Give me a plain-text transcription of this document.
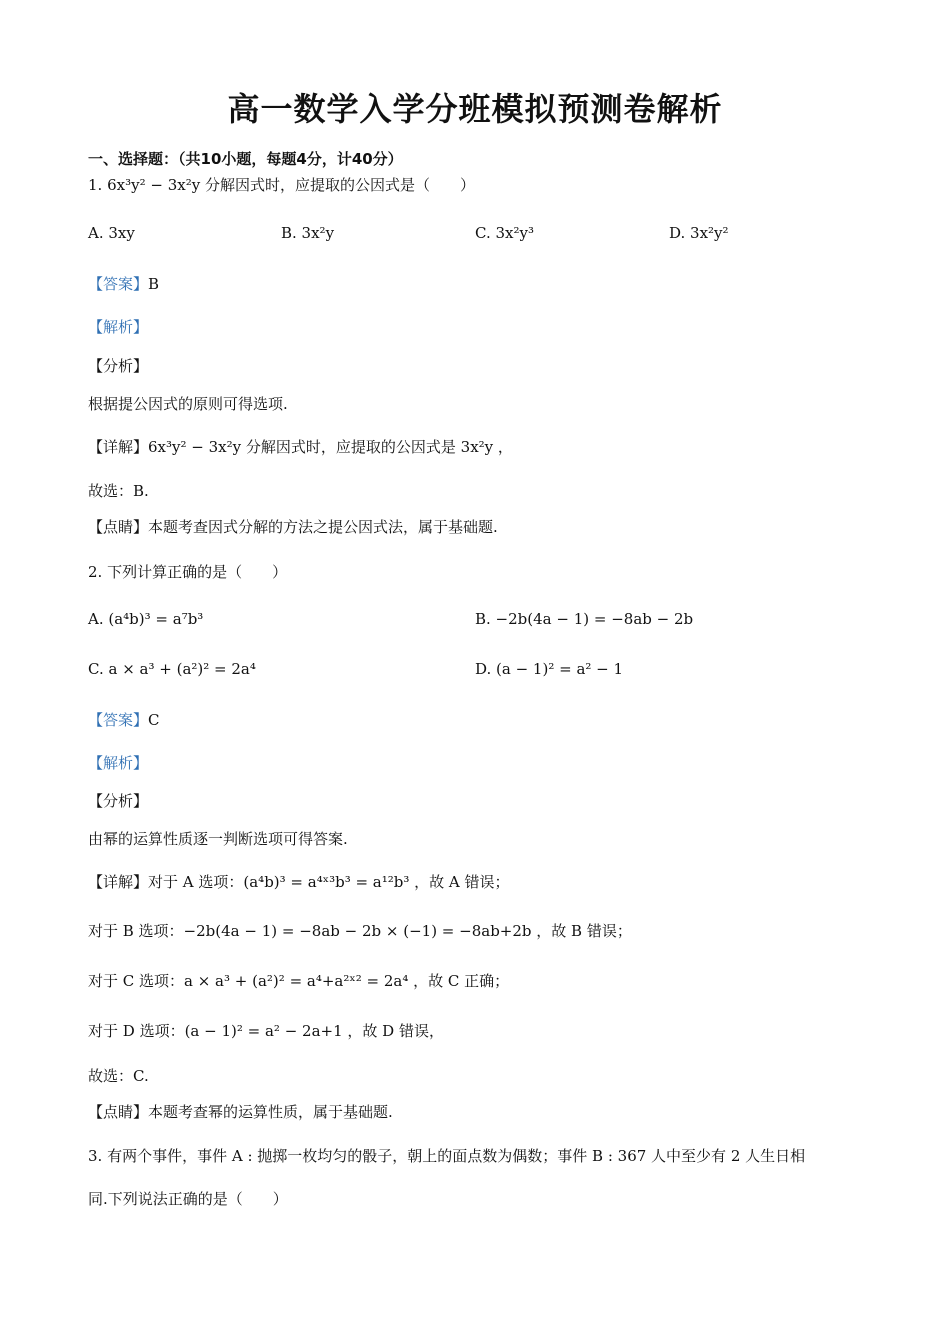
高一数学入学分班模拟预测卷解析
一、选择题：（共10小题，每题4分，计40分）
1. 6x³y² − 3x²y 分解因式时，应提取的公因式是（　　）
A. 3xy	B. 3x²y	C. 3x²y³	D. 3x²y²
【答案】B
【解析】
【分析】
根据提公因式的原则可得选项.
【详解】6x³y² − 3x²y 分解因式时，应提取的公因式是 3x²y ，
故选：B.
【点睛】本题考查因式分解的方法之提公因式法，属于基础题.
2. 下列计算正确的是（　　）
A. (a⁴b)³ = a⁷b³	B. −2b(4a − 1) = −8ab − 2b
C. a × a³ + (a²)² = 2a⁴	D. (a − 1)² = a² − 1
【答案】C
【解析】
【分析】
由幂的运算性质逐一判断选项可得答案.
【详解】对于 A 选项：(a⁴b)³ = a⁴ˣ³b³ = a¹²b³ ，故 A 错误；
对于 B 选项：−2b(4a − 1) = −8ab − 2b × (−1) = −8ab+2b ，故 B 错误；
对于 C 选项：a × a³ + (a²)² = a⁴+a²ˣ² = 2a⁴ ，故 C 正确；
对于 D 选项：(a − 1)² = a² − 2a+1 ，故 D 错误，
故选：C.
【点睛】本题考查幂的运算性质，属于基础题.
3. 有两个事件，事件 A : 抛掷一枚均匀的骰子，朝上的面点数为偶数；事件 B : 367 人中至少有 2 人生日相
同.下列说法正确的是（　　）
